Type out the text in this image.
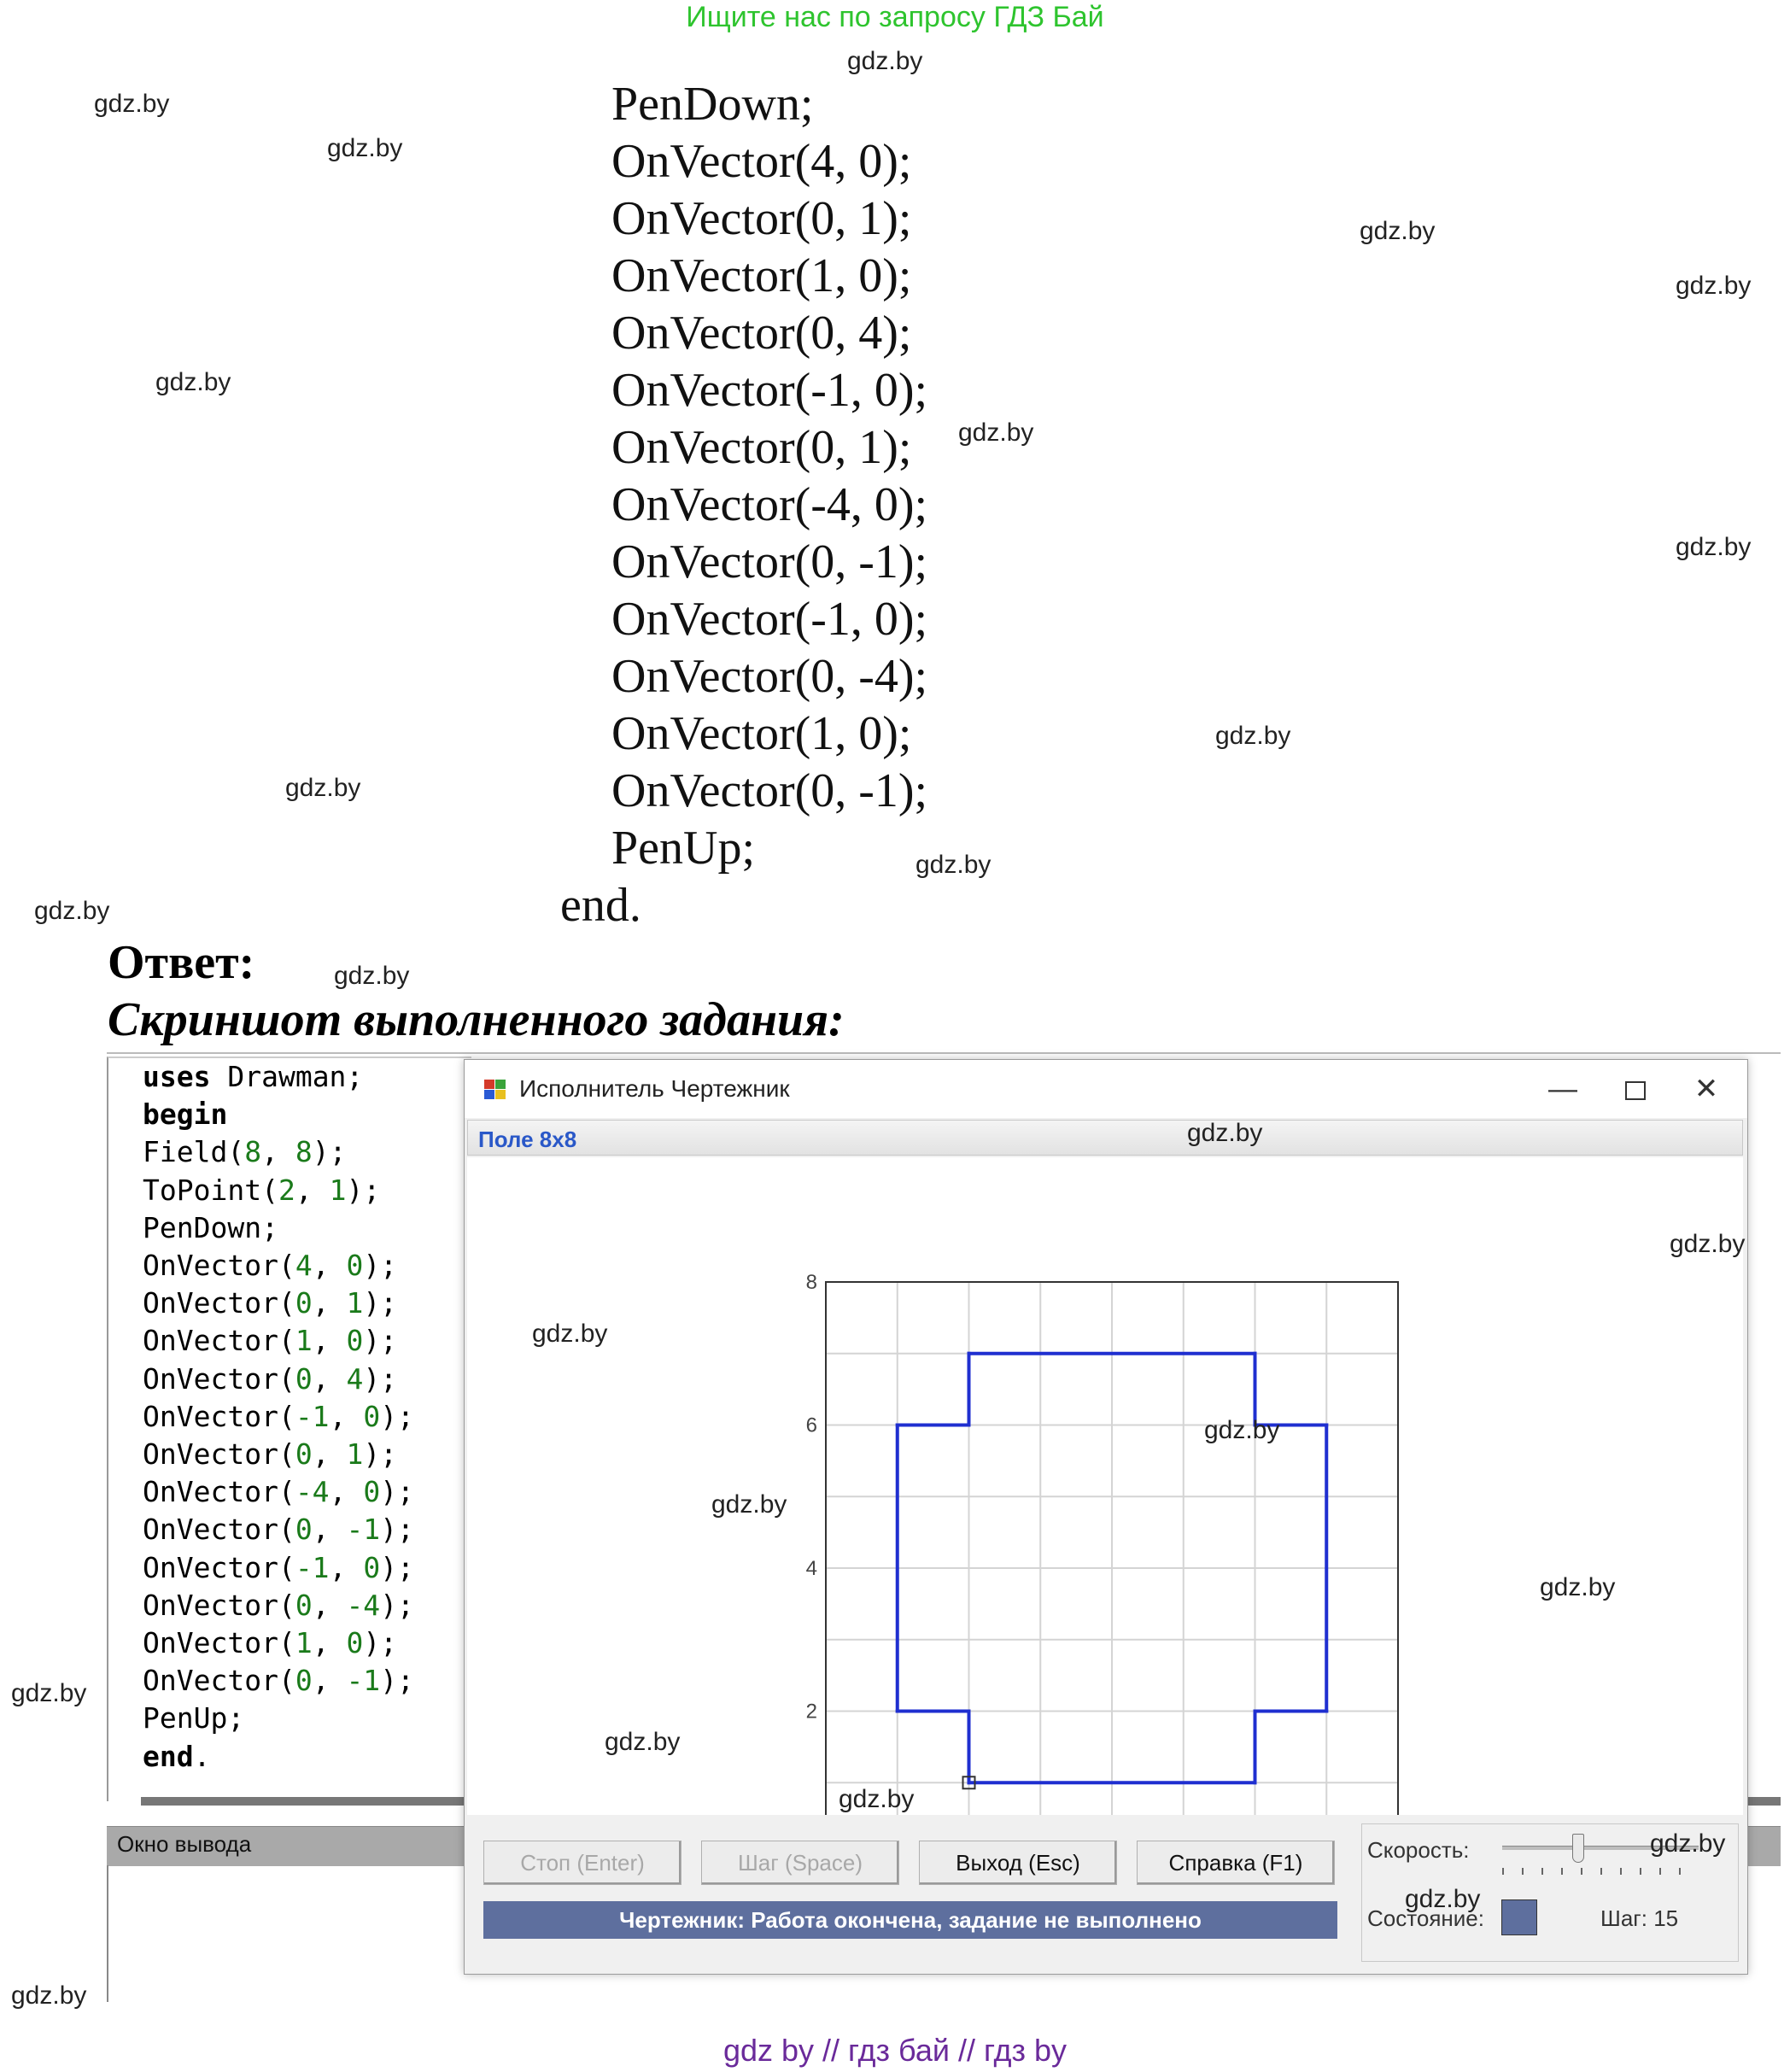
Ищите нас по запросу ГДЗ Бай
PenDown;
OnVector(4, 0);
OnVector(0, 1);
OnVector(1, 0);
OnVector(0, 4);
OnVector(-1, 0);
OnVector(0, 1);
OnVector(-4, 0);
OnVector(0, -1);
OnVector(-1, 0);
OnVector(0, -4);
OnVector(1, 0);
OnVector(0, -1);
PenUp;
end.
Ответ:
Скриншот выполненного задания:
uses Drawman;
begin
Field(8, 8);
ToPoint(2, 1);
PenDown;
OnVector(4, 0);
OnVector(0, 1);
OnVector(1, 0);
OnVector(0, 4);
OnVector(-1, 0);
OnVector(0, 1);
OnVector(-4, 0);
OnVector(0, -1);
OnVector(-1, 0);
OnVector(0, -4);
OnVector(1, 0);
OnVector(0, -1);
PenUp;
end.
Окно вывода
Исполнитель Чертежник	—	✕
Поле 8x8
2
4
6
8
Стоп (Enter)	Шаг (Space)	Выход (Esc)	Справка (F1)
Чертежник: Работа окончена, задание не выполнено
Скорость:
Состояние:	Шаг: 15
gdz.by
gdz.by
gdz.by
gdz.by
gdz.by
gdz.by
gdz.by
gdz.by
gdz.by
gdz.by
gdz.by
gdz.by
gdz.by
gdz.by
gdz.by
gdz.by
gdz.by
gdz.by
gdz.by
gdz.by
gdz.by
gdz.by
gdz.by
gdz.by
gdz.by
gdz by // гдз бай // гдз by
